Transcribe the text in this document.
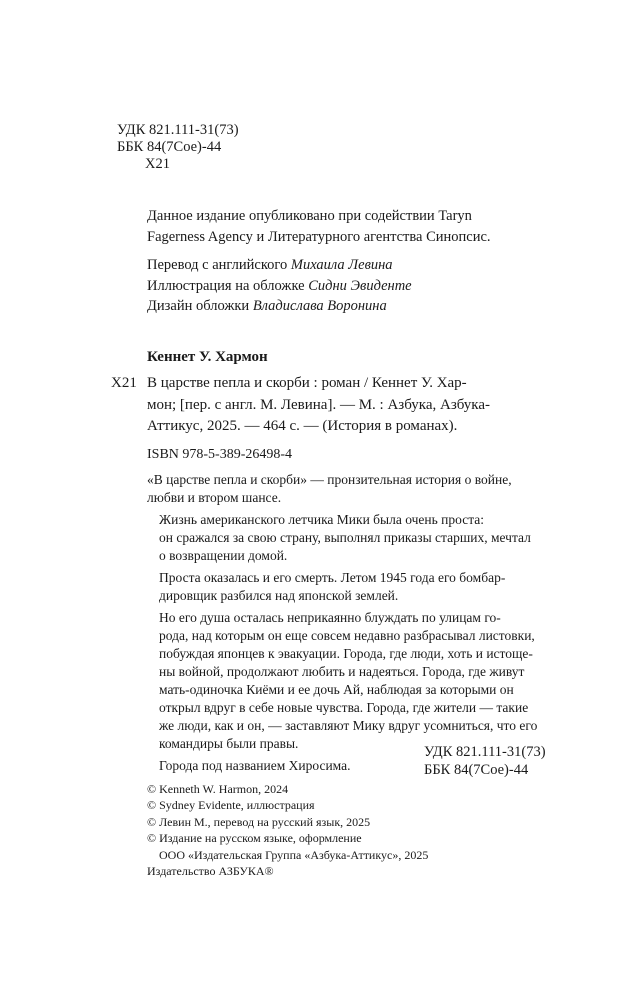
УДК 821.111-31(73)
ББК 84(7Сое)-44
Х21
Данное издание опубликовано при содействии Taryn
Fagerness Agency и Литературного агентства Синопсис.
Перевод с английского Михаила Левина
Иллюстрация на обложке Сидни Эвиденте
Дизайн обложки Владислава Воронина
Кеннет У. Хармон
Х21 В царстве пепла и скорби : роман / Кеннет У. Хар-
мон; [пер. с англ. М. Левина]. — М. : Азбука, Азбука-
Аттикус, 2025. — 464 с. — (История в романах).
ISBN 978-5-389-26498-4

«В царстве пепла и скорби» — пронзительная история о войне,
любви и втором шансе.

Жизнь американского летчика Мики была очень проста:
он сражался за свою страну, выполнял приказы старших, мечтал
о возвращении домой.

Проста оказалась и его смерть. Летом 1945 года его бомбар-
дировщик разбился над японской землей.

Но его душа осталась неприкаянно блуждать по улицам го-
рода, над которым он еще совсем недавно разбрасывал листовки,
побуждая японцев к эвакуации. Города, где люди, хоть и истоще-
ны войной, продолжают любить и надеяться. Города, где живут
мать-одиночка Киёми и ее дочь Ай, наблюдая за которыми он
открыл вдруг в себе новые чувства. Города, где жители — такие
же люди, как и он, — заставляют Мику вдруг усомниться, что его
командиры были правы.

Города под названием Хиросима.

УДК 821.111-31(73)
ББК 84(7Сое)-44
© Kenneth W. Harmon, 2024
© Sydney Evidente, иллюстрация
© Левин М., перевод на русский язык, 2025
© Издание на русском языке, оформление
ООО «Издательская Группа «Азбука-Аттикус», 2025
Издательство АЗБУКА®
